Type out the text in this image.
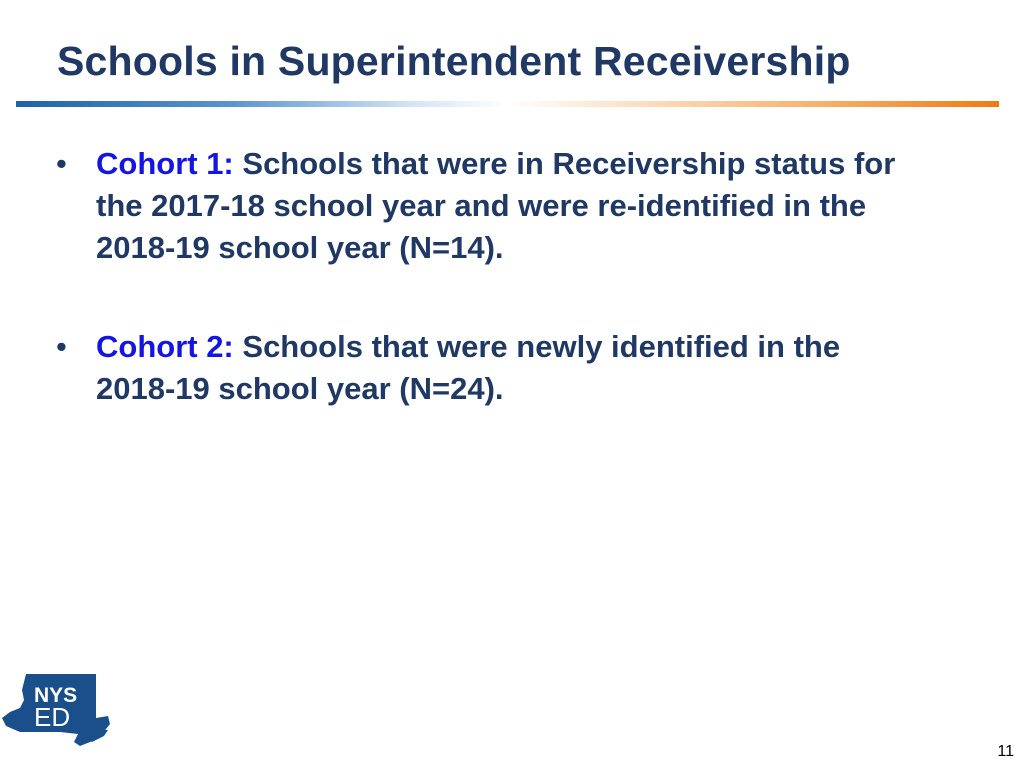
Schools in Superintendent Receivership
• Cohort 1: Schools that were in Receivership status for the 2017-18 school year and were re-identified in the 2018-19 school year (N=14).
• Cohort 2: Schools that were newly identified in the 2018-19 school year (N=24).
NYS
ED
.gov
11
